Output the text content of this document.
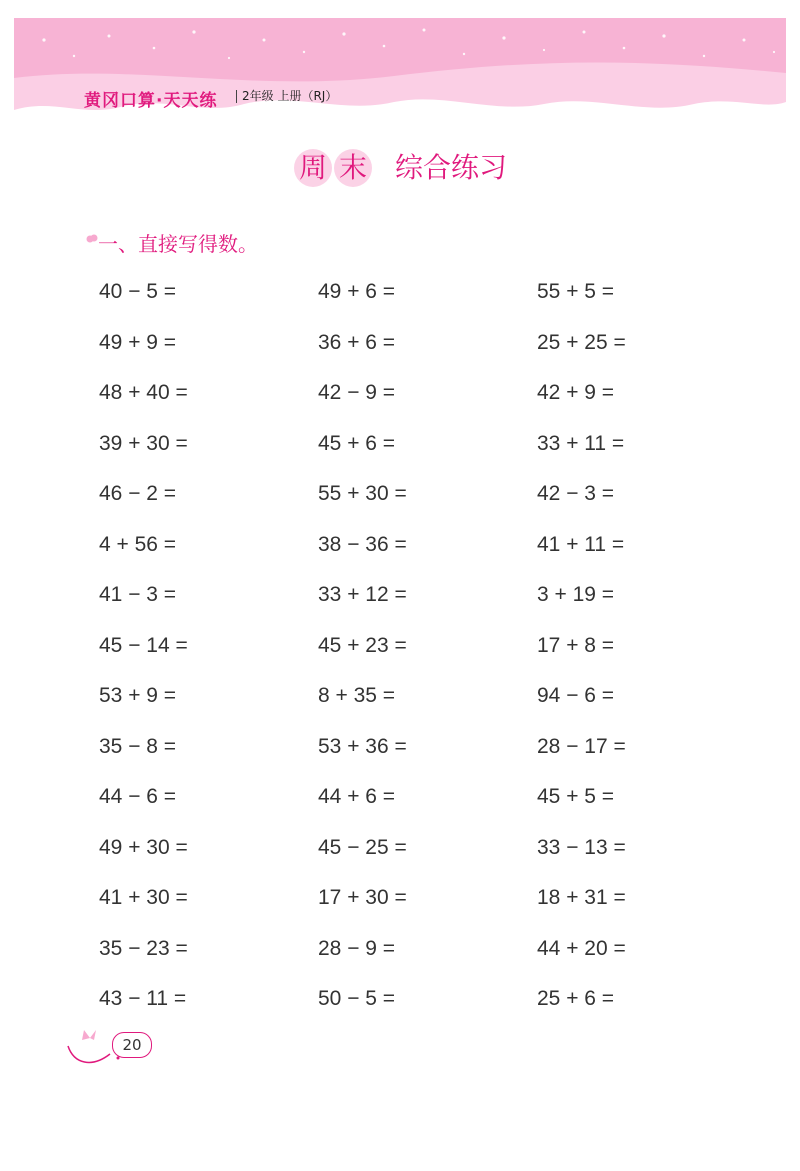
黄冈口算·天天练	2年级 上册（RJ）
周 末 综合练习
一、直接写得数。
40 − 5 =	49 + 6 =	55 + 5 =
49 + 9 =	36 + 6 =	25 + 25 =
48 + 40 =	42 − 9 =	42 + 9 =
39 + 30 =	45 + 6 =	33 + 11 =
46 − 2 =	55 + 30 =	42 − 3 =
4 + 56 =	38 − 36 =	41 + 11 =
41 − 3 =	33 + 12 =	3 + 19 =
45 − 14 =	45 + 23 =	17 + 8 =
53 + 9 =	8 + 35 =	94 − 6 =
35 − 8 =	53 + 36 =	28 − 17 =
44 − 6 =	44 + 6 =	45 + 5 =
49 + 30 =	45 − 25 =	33 − 13 =
41 + 30 =	17 + 30 =	18 + 31 =
35 − 23 =	28 − 9 =	44 + 20 =
43 − 11 =	50 − 5 =	25 + 6 =
20
